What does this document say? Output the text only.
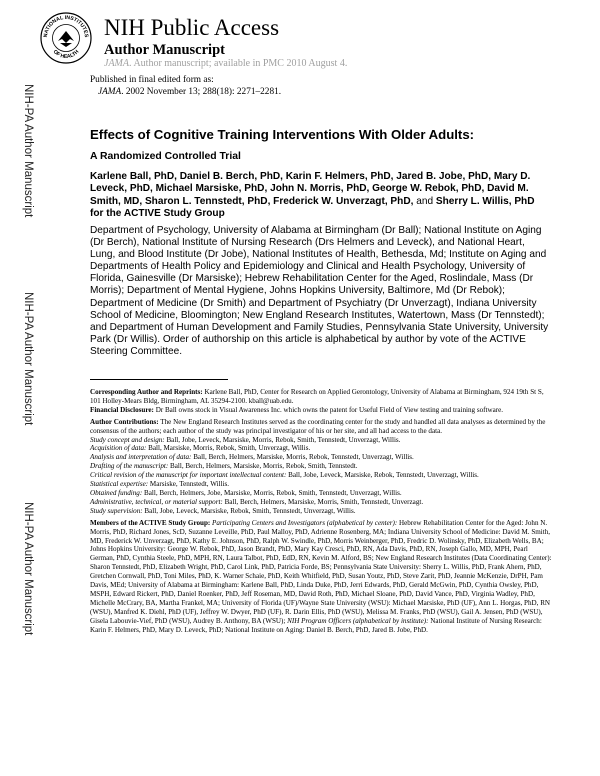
NATIONAL INSTITUTES
OF HEALTH
NIH Public Access
Author Manuscript
JAMA. Author manuscript; available in PMC 2010 August 4.
Published in final edited form as:
JAMA. 2002 November 13; 288(18): 2271–2281.
NIH-PA Author Manuscript
NIH-PA Author Manuscript
NIH-PA Author Manuscript
Effects of Cognitive Training Interventions With Older Adults:
A Randomized Controlled Trial
Karlene Ball, PhD, Daniel B. Berch, PhD, Karin F. Helmers, PhD, Jared B. Jobe, PhD, Mary D. Leveck, PhD, Michael Marsiske, PhD, John N. Morris, PhD, George W. Rebok, PhD, David M. Smith, MD, Sharon L. Tennstedt, PhD, Frederick W. Unverzagt, PhD, and Sherry L. Willis, PhD for the ACTIVE Study Group
Department of Psychology, University of Alabama at Birmingham (Dr Ball); National Institute on Aging (Dr Berch), National Institute of Nursing Research (Drs Helmers and Leveck), and National Heart, Lung, and Blood Institute (Dr Jobe), National Institutes of Health, Bethesda, Md; Institute on Aging and Departments of Health Policy and Epidemiology and Clinical and Health Psychology, University of Florida, Gainesville (Dr Marsiske); Hebrew Rehabilitation Center for the Aged, Roslindale, Mass (Dr Morris); Department of Mental Hygiene, Johns Hopkins University, Baltimore, Md (Dr Rebok); Department of Medicine (Dr Smith) and Department of Psychiatry (Dr Unverzagt), Indiana University School of Medicine, Bloomington; New England Research Institutes, Watertown, Mass (Dr Tennstedt); and Department of Human Development and Family Studies, Pennsylvania State University, University Park (Dr Willis). Order of authorship on this article is alphabetical by author by vote of the ACTIVE Steering Committee.

Corresponding Author and Reprints: Karlene Ball, PhD, Center for Research on Applied Gerontology, University of Alabama at Birmingham, 924 19th St S, 101 Holley-Mears Bldg, Birmingham, AL 35294-2100. kball@uab.edu.

Financial Disclosure: Dr Ball owns stock in Visual Awareness Inc. which owns the patent for Useful Field of View testing and training software.

Author Contributions: The New England Research Institutes served as the coordinating center for the study and handled all data analyses as determined by the consensus of the authors; each author of the study was principal investigator of his or her site, and all had access to the data.

Study concept and design: Ball, Jobe, Leveck, Marsiske, Morris, Rebok, Smith, Tennstedt, Unverzagt, Willis.

Acquisition of data: Ball, Marsiske, Morris, Rebok, Smith, Unverzagt, Willis.

Analysis and interpretation of data: Ball, Berch, Helmers, Marsiske, Morris, Rebok, Tennstedt, Unverzagt, Willis.

Drafting of the manuscript: Ball, Berch, Helmers, Marsiske, Morris, Rebok, Smith, Tennstedt.

Critical revision of the manuscript for important intellectual content: Ball, Jobe, Leveck, Marsiske, Rebok, Tennstedt, Unverzagt, Willis.

Statistical expertise: Marsiske, Tennstedt, Willis.

Obtained funding: Ball, Berch, Helmers, Jobe, Marsiske, Morris, Rebok, Smith, Tennstedt, Unverzagt, Willis.

Administrative, technical, or material support: Ball, Berch, Helmers, Marsiske, Morris, Smith, Tennstedt, Unverzagt.

Study supervision: Ball, Jobe, Leveck, Marsiske, Rebok, Smith, Tennstedt, Unverzagt, Willis.

Members of the ACTIVE Study Group: Participating Centers and Investigators (alphabetical by center): Hebrew Rehabilitation Center for the Aged: John N. Morris, PhD, Richard Jones, ScD, Suzanne Leveille, PhD, Paul Malloy, PhD, Adrienne Rosenberg, MA; Indiana University School of Medicine: David M. Smith, MD, Frederick W. Unverzagt, PhD, Kathy E. Johnson, PhD, Ralph W. Swindle, PhD, Morris Weinberger, PhD, Fredric D. Wolinsky, PhD, Elizabeth Wells, BA; Johns Hopkins University: George W. Rebok, PhD, Jason Brandt, PhD, Mary Kay Cresci, PhD, RN, Ada Davis, PhD, RN, Joseph Gallo, MD, MPH, Pearl German, PhD, Cynthia Steele, PhD, MPH, RN, Laura Talbot, PhD, EdD, RN, Kevin M. Alford, BS; New England Research Institutes (Data Coordinating Center): Sharon Tennstedt, PhD, Elizabeth Wright, PhD, Carol Link, PhD, Patricia Forde, BS; Pennsylvania State University: Sherry L. Willis, PhD, Frank Ahern, PhD, Gretchen Cornwall, PhD, Toni Miles, PhD, K. Warner Schaie, PhD, Keith Whitfield, PhD, Susan Youtz, PhD, Steve Zarit, PhD, Jeannie McKenzie, DrPH, Pam Davis, MEd; University of Alabama at Birmingham: Karlene Ball, PhD, Linda Duke, PhD, Jerri Edwards, PhD, Gerald McGwin, PhD, Cynthia Owsley, PhD, MSPH, Edward Rickert, PhD, Daniel Roenker, PhD, Jeff Roseman, MD, David Roth, PhD, Michael Sloane, PhD, David Vance, PhD, Virginia Wadley, PhD, Michelle McCrary, BA, Martha Frankel, MA; University of Florida (UF)/Wayne State University (WSU): Michael Marsiske, PhD (UF), Ann L. Horgas, PhD, RN (WSU), Manfred K. Diehl, PhD (UF), Jeffrey W. Dwyer, PhD (UF), R. Darin Ellis, PhD (WSU), Melissa M. Franks, PhD (WSU), Gail A. Jensen, PhD (WSU), Gisela Labouvie-Vief, PhD (WSU), Audrey B. Anthony, BA (WSU); NIH Program Officers (alphabetical by institute): National Institute of Nursing Research: Karin F. Helmers, PhD, Mary D. Leveck, PhD; National Institute on Aging: Daniel B. Berch, PhD, Jared B. Jobe, PhD.
